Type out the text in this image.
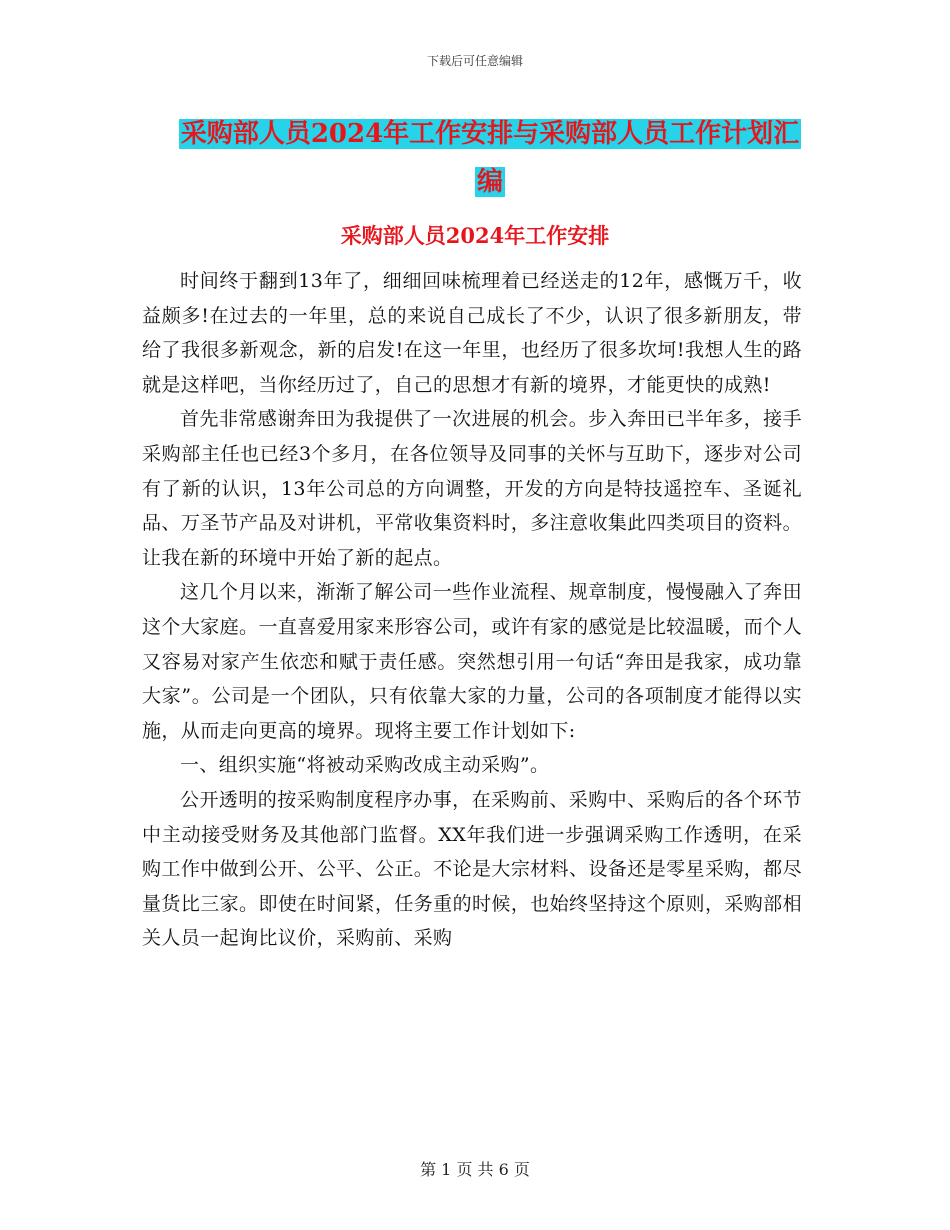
下载后可任意编辑
采购部人员2024年工作安排与采购部人员工作计划汇
编
采购部人员2024年工作安排

时间终于翻到13年了，细细回味梳理着已经送走的12年，感慨万千，收益颇多!在过去的一年里，总的来说自己成长了不少，认识了很多新朋友，带给了我很多新观念，新的启发!在这一年里，也经历了很多坎坷!我想人生的路就是这样吧，当你经历过了，自己的思想才有新的境界，才能更快的成熟!

首先非常感谢奔田为我提供了一次进展的机会。步入奔田已半年多，接手采购部主任也已经3个多月，在各位领导及同事的关怀与互助下，逐步对公司有了新的认识，13年公司总的方向调整，开发的方向是特技遥控车、圣诞礼品、万圣节产品及对讲机，平常收集资料时，多注意收集此四类项目的资料。让我在新的环境中开始了新的起点。

这几个月以来，渐渐了解公司一些作业流程、规章制度，慢慢融入了奔田这个大家庭。一直喜爱用家来形容公司，或许有家的感觉是比较温暖，而个人又容易对家产生依恋和赋于责任感。突然想引用一句话“奔田是我家，成功靠大家”。公司是一个团队，只有依靠大家的力量，公司的各项制度才能得以实施，从而走向更高的境界。现将主要工作计划如下:

一、组织实施“将被动采购改成主动采购”。

公开透明的按采购制度程序办事，在采购前、采购中、采购后的各个环节中主动接受财务及其他部门监督。XX年我们进一步强调采购工作透明，在采购工作中做到公开、公平、公正。不论是大宗材料、设备还是零星采购，都尽量货比三家。即使在时间紧，任务重的时候，也始终坚持这个原则，采购部相关人员一起询比议价，采购前、采购

第 1 页 共 6 页
